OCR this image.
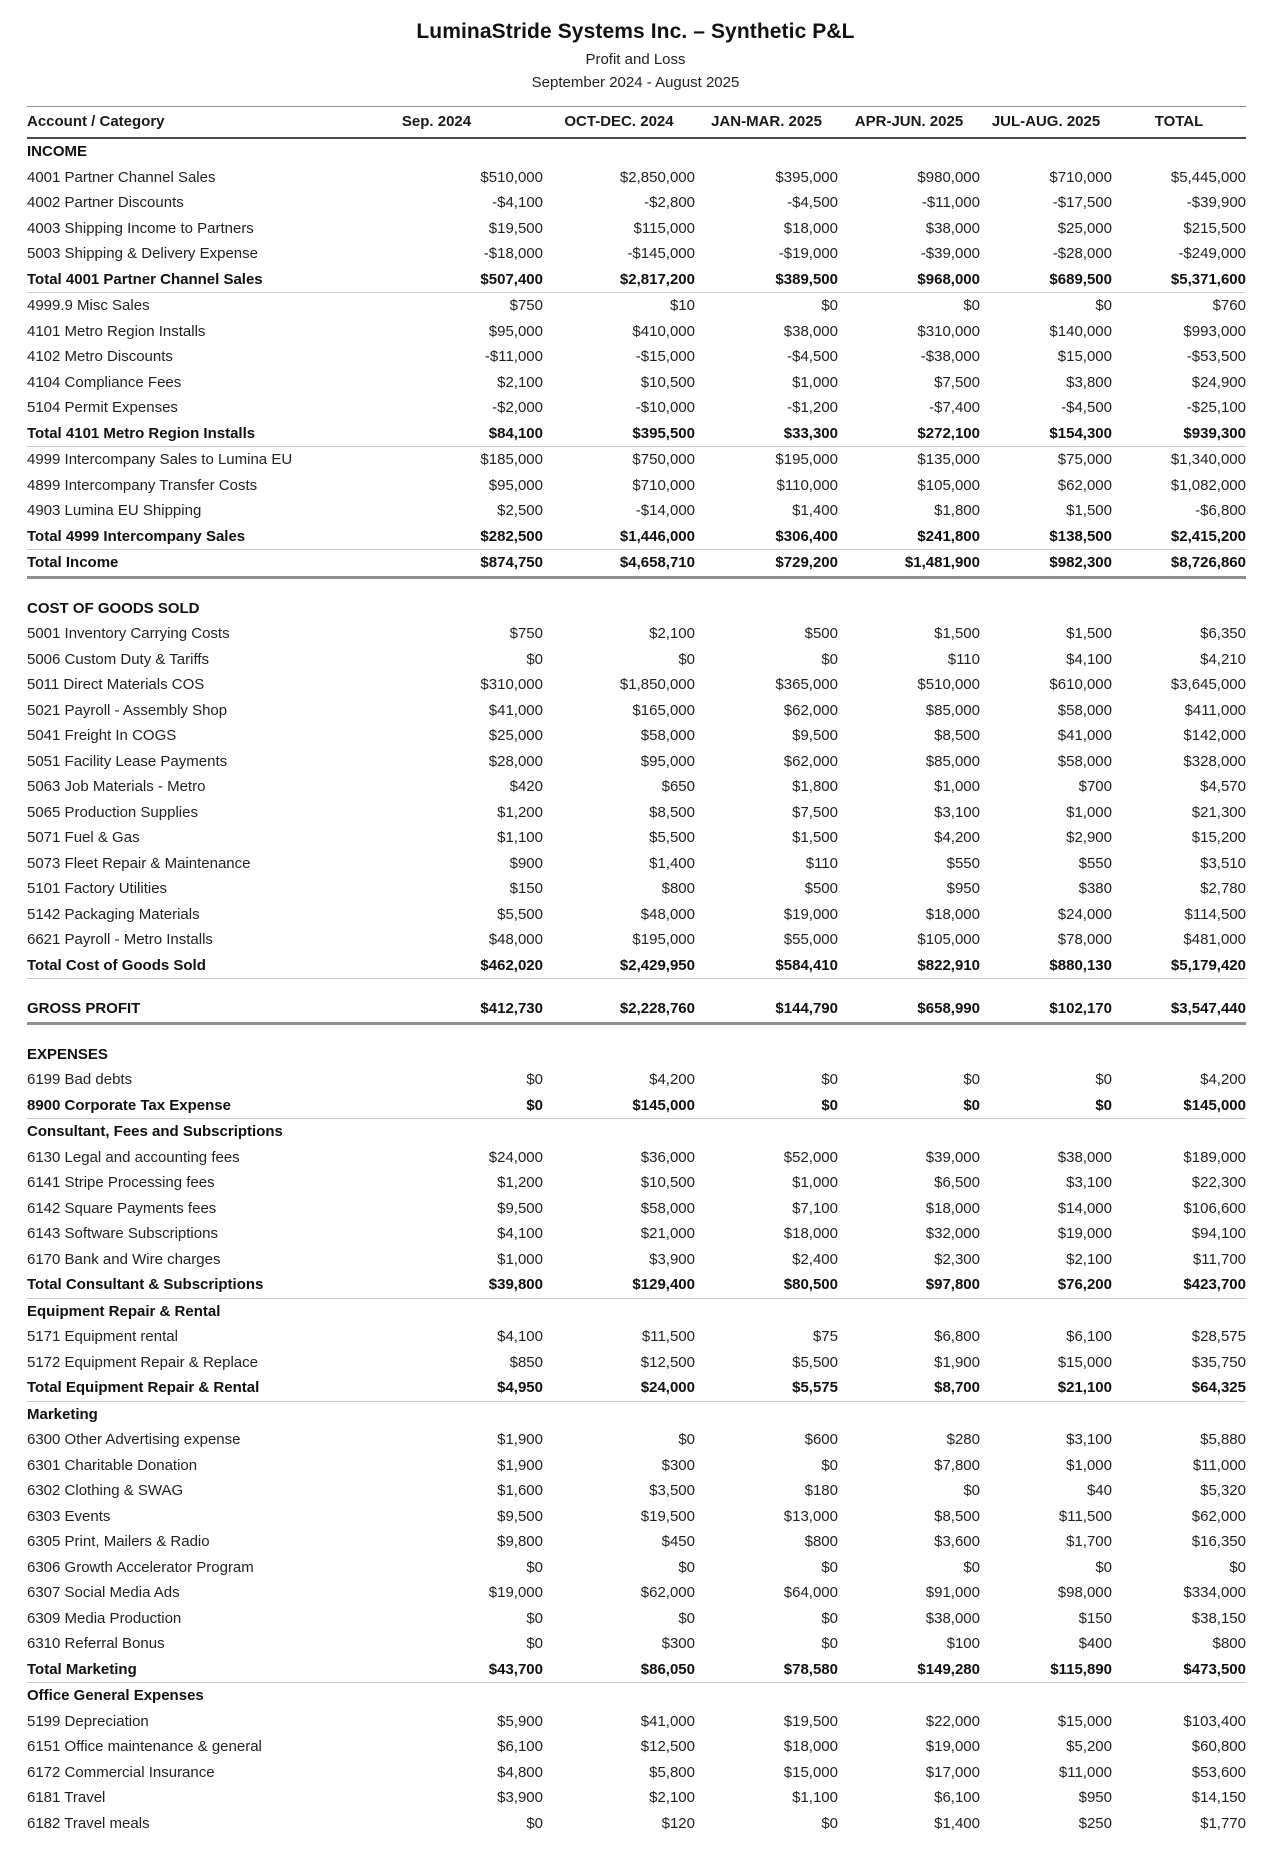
LuminaStride Systems Inc. – Synthetic P&L
Profit and Loss
September 2024 - August 2025
Account / Category	Sep. 2024	OCT-DEC. 2024	JAN-MAR. 2025	APR-JUN. 2025	JUL-AUG. 2025	TOTAL
INCOME						
4001 Partner Channel Sales	$510,000	$2,850,000	$395,000	$980,000	$710,000	$5,445,000
4002 Partner Discounts	-$4,100	-$2,800	-$4,500	-$11,000	-$17,500	-$39,900
4003 Shipping Income to Partners	$19,500	$115,000	$18,000	$38,000	$25,000	$215,500
5003 Shipping & Delivery Expense	-$18,000	-$145,000	-$19,000	-$39,000	-$28,000	-$249,000
Total 4001 Partner Channel Sales	$507,400	$2,817,200	$389,500	$968,000	$689,500	$5,371,600
4999.9 Misc Sales	$750	$10	$0	$0	$0	$760
4101 Metro Region Installs	$95,000	$410,000	$38,000	$310,000	$140,000	$993,000
4102 Metro Discounts	-$11,000	-$15,000	-$4,500	-$38,000	$15,000	-$53,500
4104 Compliance Fees	$2,100	$10,500	$1,000	$7,500	$3,800	$24,900
5104 Permit Expenses	-$2,000	-$10,000	-$1,200	-$7,400	-$4,500	-$25,100
Total 4101 Metro Region Installs	$84,100	$395,500	$33,300	$272,100	$154,300	$939,300
4999 Intercompany Sales to Lumina EU	$185,000	$750,000	$195,000	$135,000	$75,000	$1,340,000
4899 Intercompany Transfer Costs	$95,000	$710,000	$110,000	$105,000	$62,000	$1,082,000
4903 Lumina EU Shipping	$2,500	-$14,000	$1,400	$1,800	$1,500	-$6,800
Total 4999 Intercompany Sales	$282,500	$1,446,000	$306,400	$241,800	$138,500	$2,415,200
Total Income	$874,750	$4,658,710	$729,200	$1,481,900	$982,300	$8,726,860
COST OF GOODS SOLD						
5001 Inventory Carrying Costs	$750	$2,100	$500	$1,500	$1,500	$6,350
5006 Custom Duty & Tariffs	$0	$0	$0	$110	$4,100	$4,210
5011 Direct Materials COS	$310,000	$1,850,000	$365,000	$510,000	$610,000	$3,645,000
5021 Payroll - Assembly Shop	$41,000	$165,000	$62,000	$85,000	$58,000	$411,000
5041 Freight In COGS	$25,000	$58,000	$9,500	$8,500	$41,000	$142,000
5051 Facility Lease Payments	$28,000	$95,000	$62,000	$85,000	$58,000	$328,000
5063 Job Materials - Metro	$420	$650	$1,800	$1,000	$700	$4,570
5065 Production Supplies	$1,200	$8,500	$7,500	$3,100	$1,000	$21,300
5071 Fuel & Gas	$1,100	$5,500	$1,500	$4,200	$2,900	$15,200
5073 Fleet Repair & Maintenance	$900	$1,400	$110	$550	$550	$3,510
5101 Factory Utilities	$150	$800	$500	$950	$380	$2,780
5142 Packaging Materials	$5,500	$48,000	$19,000	$18,000	$24,000	$114,500
6621 Payroll - Metro Installs	$48,000	$195,000	$55,000	$105,000	$78,000	$481,000
Total Cost of Goods Sold	$462,020	$2,429,950	$584,410	$822,910	$880,130	$5,179,420
GROSS PROFIT	$412,730	$2,228,760	$144,790	$658,990	$102,170	$3,547,440
EXPENSES						
6199 Bad debts	$0	$4,200	$0	$0	$0	$4,200
8900 Corporate Tax Expense	$0	$145,000	$0	$0	$0	$145,000
Consultant, Fees and Subscriptions						
6130 Legal and accounting fees	$24,000	$36,000	$52,000	$39,000	$38,000	$189,000
6141 Stripe Processing fees	$1,200	$10,500	$1,000	$6,500	$3,100	$22,300
6142 Square Payments fees	$9,500	$58,000	$7,100	$18,000	$14,000	$106,600
6143 Software Subscriptions	$4,100	$21,000	$18,000	$32,000	$19,000	$94,100
6170 Bank and Wire charges	$1,000	$3,900	$2,400	$2,300	$2,100	$11,700
Total Consultant & Subscriptions	$39,800	$129,400	$80,500	$97,800	$76,200	$423,700
Equipment Repair & Rental						
5171 Equipment rental	$4,100	$11,500	$75	$6,800	$6,100	$28,575
5172 Equipment Repair & Replace	$850	$12,500	$5,500	$1,900	$15,000	$35,750
Total Equipment Repair & Rental	$4,950	$24,000	$5,575	$8,700	$21,100	$64,325
Marketing						
6300 Other Advertising expense	$1,900	$0	$600	$280	$3,100	$5,880
6301 Charitable Donation	$1,900	$300	$0	$7,800	$1,000	$11,000
6302 Clothing & SWAG	$1,600	$3,500	$180	$0	$40	$5,320
6303 Events	$9,500	$19,500	$13,000	$8,500	$11,500	$62,000
6305 Print, Mailers & Radio	$9,800	$450	$800	$3,600	$1,700	$16,350
6306 Growth Accelerator Program	$0	$0	$0	$0	$0	$0
6307 Social Media Ads	$19,000	$62,000	$64,000	$91,000	$98,000	$334,000
6309 Media Production	$0	$0	$0	$38,000	$150	$38,150
6310 Referral Bonus	$0	$300	$0	$100	$400	$800
Total Marketing	$43,700	$86,050	$78,580	$149,280	$115,890	$473,500
Office General Expenses						
5199 Depreciation	$5,900	$41,000	$19,500	$22,000	$15,000	$103,400
6151 Office maintenance & general	$6,100	$12,500	$18,000	$19,000	$5,200	$60,800
6172 Commercial Insurance	$4,800	$5,800	$15,000	$17,000	$11,000	$53,600
6181 Travel	$3,900	$2,100	$1,100	$6,100	$950	$14,150
6182 Travel meals	$0	$120	$0	$1,400	$250	$1,770
